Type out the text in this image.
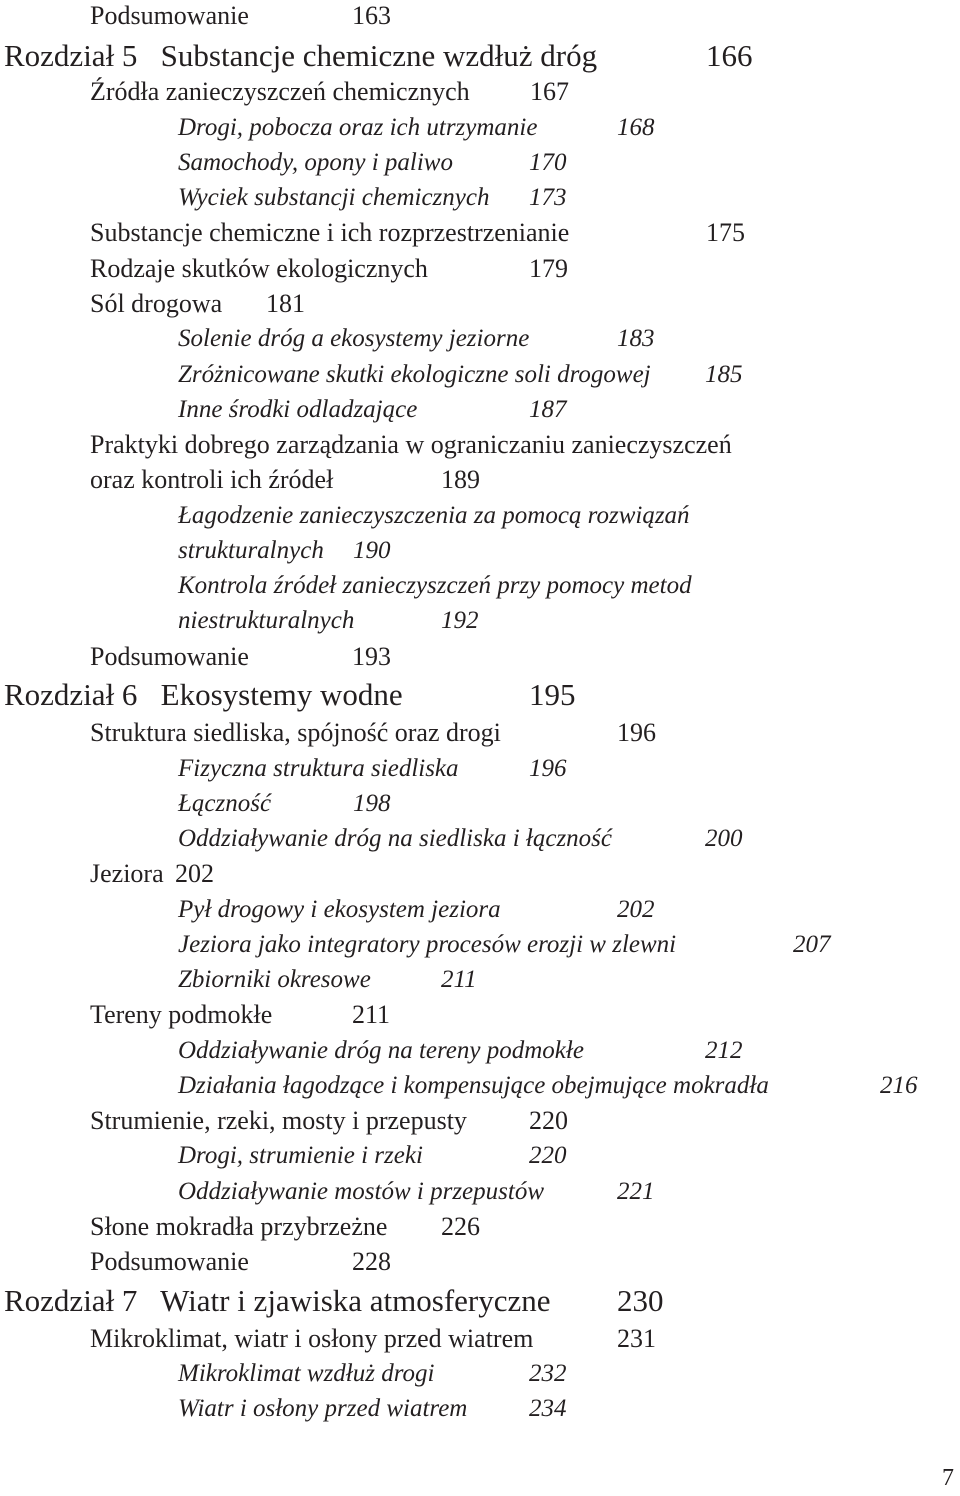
Podsumowanie	163
Rozdział 5   Substancje chemiczne wzdłuż dróg	166
Źródła zanieczyszczeń chemicznych 167
Drogi, pobocza oraz ich utrzymanie	168
Samochody, opony i paliwo	170
Wyciek substancji chemicznych 173
Substancje chemiczne i ich rozprzestrzenianie	175
Rodzaje skutków ekologicznych	179
Sól drogowa 181
Solenie dróg a ekosystemy jeziorne	183
Zróżnicowane skutki ekologiczne soli drogowej 185
Inne środki odladzające	187
Praktyki dobrego zarządzania w ograniczaniu zanieczyszczeń
oraz kontroli ich źródeł	189
Łagodzenie zanieczyszczenia za pomocą rozwiązań
strukturalnych 190
Kontrola źródeł zanieczyszczeń przy pomocy metod
niestrukturalnych	192
Podsumowanie	193
Rozdział 6   Ekosystemy wodne	195
Struktura siedliska, spójność oraz drogi	196
Fizyczna struktura siedliska	196
Łączność	198
Oddziaływanie dróg na siedliska i łączność	200
Jeziora 202
Pył drogowy i ekosystem jeziora	202
Jeziora jako integratory procesów erozji w zlewni	207
Zbiorniki okresowe	211
Tereny podmokłe	211
Oddziaływanie dróg na tereny podmokłe	212
Działania łagodzące i kompensujące obejmujące mokradła	216
Strumienie, rzeki, mosty i przepusty 220
Drogi, strumienie i rzeki	220
Oddziaływanie mostów i przepustów	221
Słone mokradła przybrzeżne 226
Podsumowanie	228
Rozdział 7   Wiatr i zjawiska atmosferyczne 230
Mikroklimat, wiatr i osłony przed wiatrem	231
Mikroklimat wzdłuż drogi	232
Wiatr i osłony przed wiatrem 234
7
